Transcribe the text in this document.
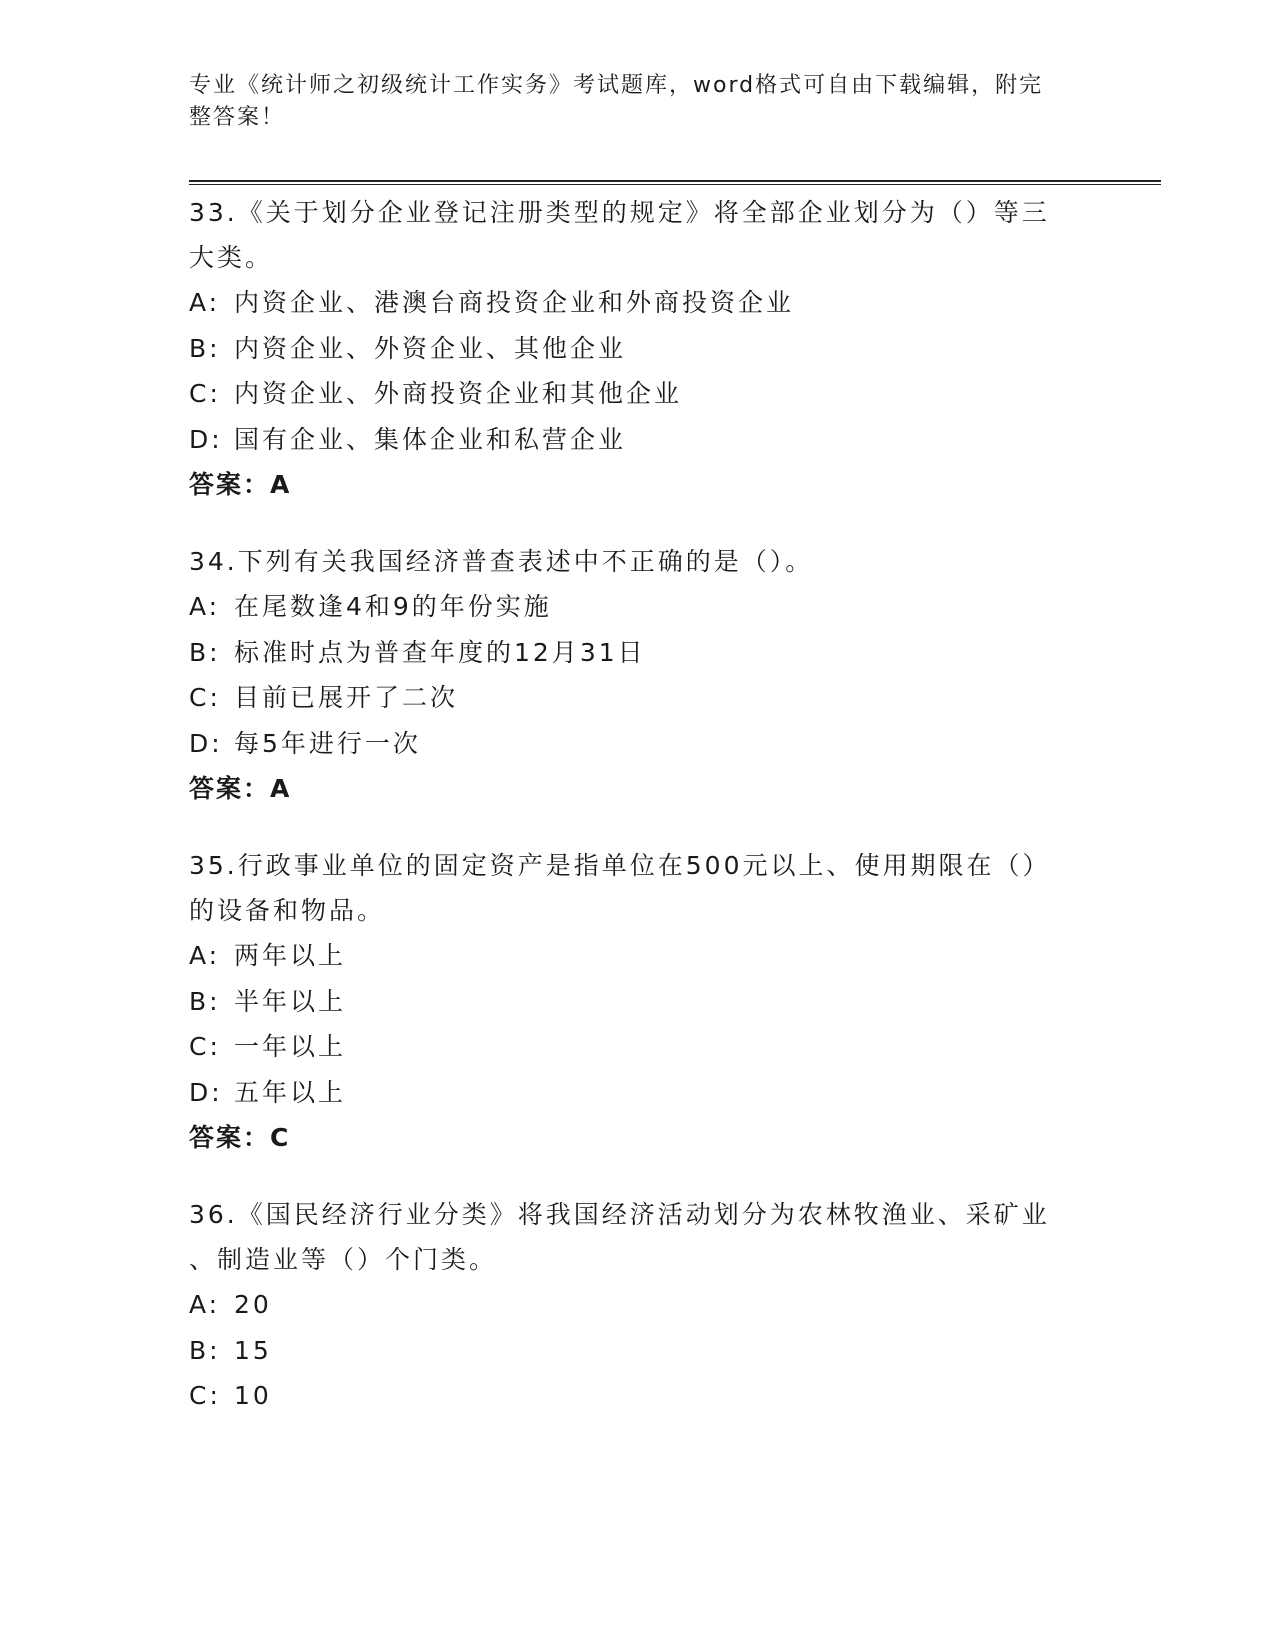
专业《统计师之初级统计工作实务》考试题库，word格式可自由下载编辑，附完
整答案！
33.《关于划分企业登记注册类型的规定》将全部企业划分为（）等三
大类。
A: 内资企业、港澳台商投资企业和外商投资企业
B: 内资企业、外资企业、其他企业
C: 内资企业、外商投资企业和其他企业
D: 国有企业、集体企业和私营企业
答案：A
34.下列有关我国经济普查表述中不正确的是（）。
A: 在尾数逢4和9的年份实施
B: 标准时点为普查年度的12月31日
C: 目前已展开了二次
D: 每5年进行一次
答案：A
35.行政事业单位的固定资产是指单位在500元以上、使用期限在（）
的设备和物品。
A: 两年以上
B: 半年以上
C: 一年以上
D: 五年以上
答案：C
36.《国民经济行业分类》将我国经济活动划分为农林牧渔业、采矿业
、制造业等（）个门类。
A: 20
B: 15
C: 10
